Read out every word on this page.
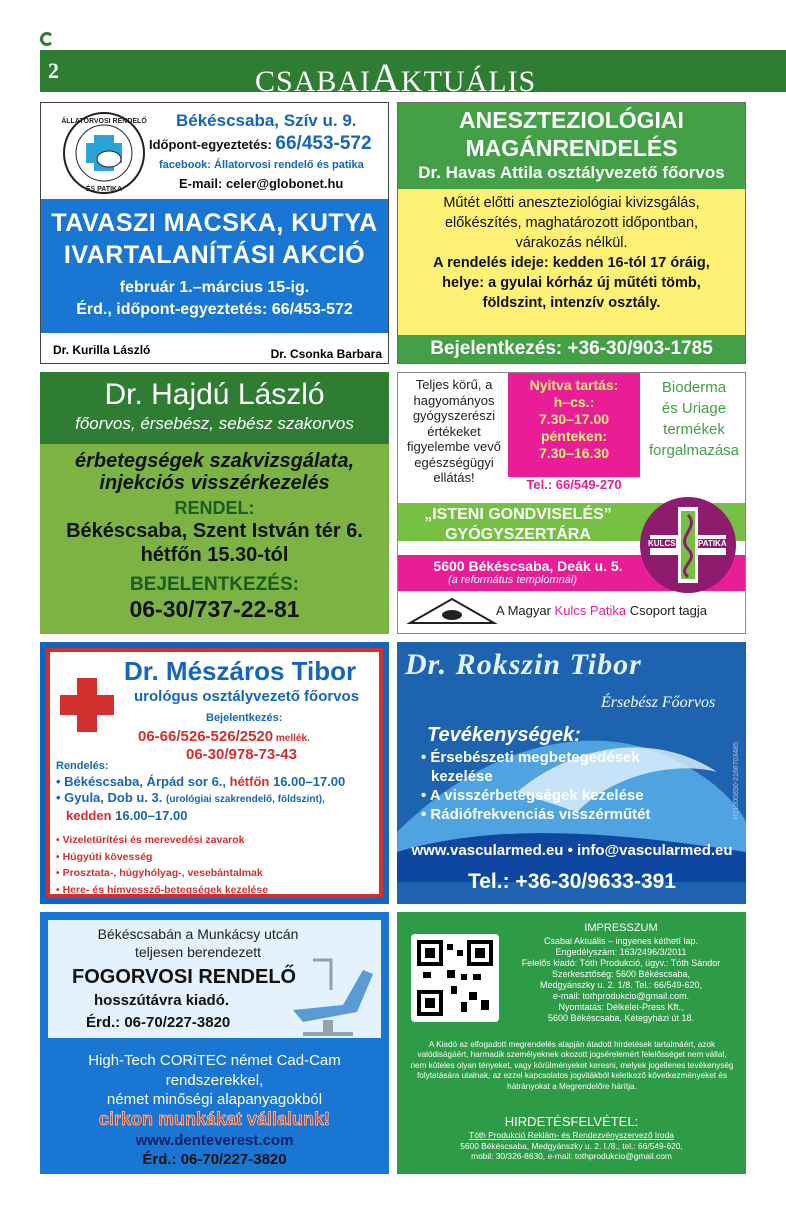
2	CSABAIAKTUÁLIS
ÁLLATORVOSI RENDELŐ
ÉS PATIKA
Békéscsaba, Szív u. 9.
Időpont-egyeztetés: 66/453-572
facebook: Állatorvosi rendelő és patika
E-mail: celer@globonet.hu
TAVASZI MACSKA, KUTYA
IVARTALANÍTÁSI AKCIÓ
február 1.–március 15-ig.
Érd., időpont-egyeztetés: 66/453-572
Dr. Kurilla László	Dr. Csonka Barbara
ANESZTEZIOLÓGIAI
MAGÁNRENDELÉS
Dr. Havas Attila osztályvezető főorvos
Műtét előtti aneszteziológiai kivizsgálás,
előkészítés, maghatározott időpontban,
várakozás nélkül.
A rendelés ideje: kedden 16-tól 17 óráig,
helye: a gyulai kórház új műtéti tömb,
földszint, intenzív osztály.
Bejelentkezés: +36-30/903-1785
Dr. Hajdú László
főorvos, érsebész, sebész szakorvos
érbetegségek szakvizsgálata,
injekciós visszérkezelés
RENDEL:
Békéscsaba, Szent István tér 6.
hétfőn 15.30-tól
BEJELENTKEZÉS:
06-30/737-22-81
Teljes körű, a
hagyományos
gyógyszerészi
értékeket
figyelembe vevő
egészségügyi
ellátás!
Nyitva tartás:
h–cs.:
7.30–17.00
pénteken:
7.30–16.30
Tel.: 66/549-270
Bioderma
és Uriage
termékek
forgalmazása
„ISTENI GONDVISELÉS”
GYÓGYSZERTÁRA
5600 Békéscsaba, Deák u. 5.
(a református templomnál)
KULCS	PATIKA
A Magyar Kulcs Patika Csoport tagja
Dr. Mészáros Tibor
urológus osztályvezető főorvos
Bejelentkezés:
06-66/526-526/2520 mellék.
06-30/978-73-43
Rendelés:
• Békéscsaba, Árpád sor 6., hétfőn 16.00–17.00
• Gyula, Dob u. 3. (urológiai szakrendelő, földszint),
kedden 16.00–17.00
• Vizeletürítési és merevedési zavarok
• Húgyúti kövesség
• Prosztata-, húgyhólyag-, vesebántalmak
• Here- és hímvessző-betegségek kezelése
Dr. Rokszin Tibor
Érsebész Főorvos
Tevékenységek:
• Érsebészeti megbetegedések
kezelése
• A visszérbetegségek kezelése
• Rádiófrekvenciás visszérműtét
www.vascularmed.eu • info@vascularmed.eu
Tel.: +36-30/9633-391
H21000850-2166703485
Békéscsabán a Munkácsy utcán
teljesen berendezett
FOGORVOSI RENDELŐ
hosszútávra kiadó.
Érd.: 06-70/227-3820
High-Tech CORiTEC német Cad-Cam
rendszerekkel,
német minőségi alapanyagokból
cirkon munkákat vállalunk!
www.denteverest.com
Érd.: 06-70/227-3820
IMPRESSZUM
Csabai Aktuális – ingyenes kéthetí lap.
Engedélyszám: 163/2496/3/2011
Felelős kiadó: Tóth Produkció, ügyv.: Tóth Sándor
Szerkesztőség: 5600 Békéscsaba,
Medgyánszky u. 2. 1/8. Tel.: 66/549-620,
e-mail: tothprodukcio@gmail.com.
Nyomtatás: Délkelet-Press Kft.,
5600 Békéscsaba, Kétegyházi út 18.
A Kiadó az elfogadott megrendelés alapján átadott hirdetések tartalmáért, azok valódiságáért, harmadik személyeknek okozott jogsérelemért felelősséget nem vállal, nem köteles olyan tényeket, vagy körülményeket keresni, melyek jogellenes tevékenység folytatására utalnak, az ezzel kapcsolatos jogvitákból keletkező következményeket és hátrányokat a Megrendelőre hárítja.
HIRDETÉSFELVÉTEL:
Tóth Produkció Reklám- és Rendezvényszervező Iroda
5600 Békéscsaba, Medgyánszky u. 2. I./8., tel.: 66/549-620,
mobil: 30/326-8630, e-mail: tothprodukcio@gmail.com
